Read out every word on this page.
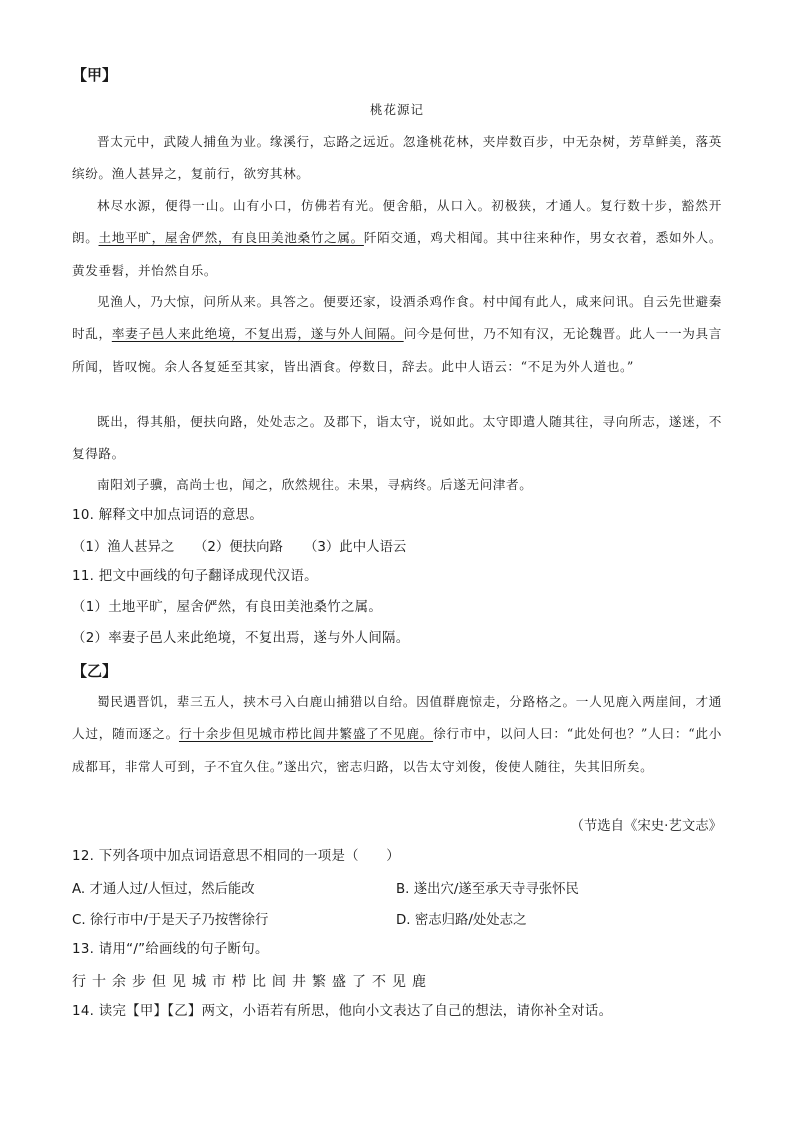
【甲】
桃花源记
晋太元中，武陵人捕鱼为业。缘溪行，忘路之远近。忽逢桃花林，夹岸数百步，中无杂树，芳草鲜美，落英缤纷。渔人甚异之，复前行，欲穷其林。
林尽水源，便得一山。山有小口，仿佛若有光。便舍船，从口入。初极狭，才通人。复行数十步，豁然开朗。土地平旷，屋舍俨然，有良田美池桑竹之属。阡陌交通，鸡犬相闻。其中往来种作，男女衣着，悉如外人。黄发垂髫，并怡然自乐。
见渔人，乃大惊，问所从来。具答之。便要还家，设酒杀鸡作食。村中闻有此人，咸来问讯。自云先世避秦时乱，率妻子邑人来此绝境，不复出焉，遂与外人间隔。问今是何世，乃不知有汉，无论魏晋。此人一一为具言所闻，皆叹惋。余人各复延至其家，皆出酒食。停数日，辞去。此中人语云：“不足为外人道也。”
既出，得其船，便扶向路，处处志之。及郡下，诣太守，说如此。太守即遣人随其往，寻向所志，遂迷，不复得路。
南阳刘子骥，高尚士也，闻之，欣然规往。未果，寻病终。后遂无问津者。
10. 解释文中加点词语的意思。
（1）渔人甚异之	（2）便扶向路	（3）此中人语云
11. 把文中画线的句子翻译成现代汉语。
（1）土地平旷，屋舍俨然，有良田美池桑竹之属。
（2）率妻子邑人来此绝境，不复出焉，遂与外人间隔。
【乙】
蜀民遇晋饥，辈三五人，挟木弓入白鹿山捕猎以自给。因值群鹿惊走，分路格之。一人见鹿入两崖间，才通人过，随而逐之。行十余步但见城市栉比闾井繁盛了不见鹿。徐行市中，以问人曰：“此处何也？”人曰：“此小成都耳，非常人可到，子不宜久住。”遂出穴，密志归路，以告太守刘俊，俊使人随往，失其旧所矣。
（节选自《宋史·艺文志》
12. 下列各项中加点词语意思不相同的一项是（　　）
A. 才通人过/人恒过，然后能改	B. 遂出穴/遂至承天寺寻张怀民
C. 徐行市中/于是天子乃按辔徐行	D. 密志归路/处处志之
13. 请用“/”给画线的句子断句。
行十余步但见城市栉比闾井繁盛了不见鹿
14. 读完【甲】【乙】两文，小语若有所思，他向小文表达了自己的想法，请你补全对话。
